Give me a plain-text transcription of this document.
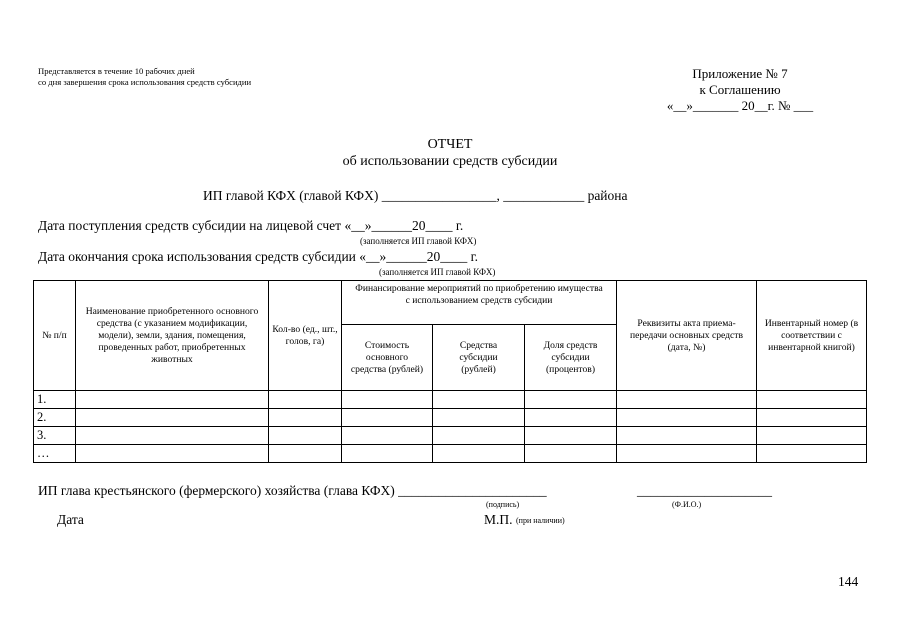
Представляется в течение 10 рабочих дней
со дня завершения срока использования средств субсидии
Приложение № 7
к Соглашению
«__»_______ 20__г. № ___
ОТЧЕТ
об использовании средств субсидии
ИП главой КФХ (главой КФХ) _________________, ____________ района
Дата поступления средств субсидии на лицевой счет «__»______20____ г.
(заполняется ИП главой КФХ)
Дата окончания срока использования средств субсидии «__»______20____ г.
(заполняется ИП главой КФХ)
№ п/п	Наименование приобретенного основного средства (с указанием модификации, модели), земли, здания, помещения, проведенных работ, приобретенных животных	Кол-во (ед., шт., голов, га)	Финансирование мероприятий по приобретению имущества с использованием средств субсидии			Реквизиты акта приема-передачи основных средств (дата, №)	Инвентарный номер (в соответствии с инвентарной книгой)
			Стоимость основного средства (рублей)	Средства субсидии (рублей)	Доля средств субсидии (процентов)		
1.							
2.							
3.							
…							
ИП глава крестьянского (фермерского) хозяйства (глава КФХ) ______________________	____________________
(подпись)	(Ф.И.О.)
Дата	М.П. (при наличии)
144
